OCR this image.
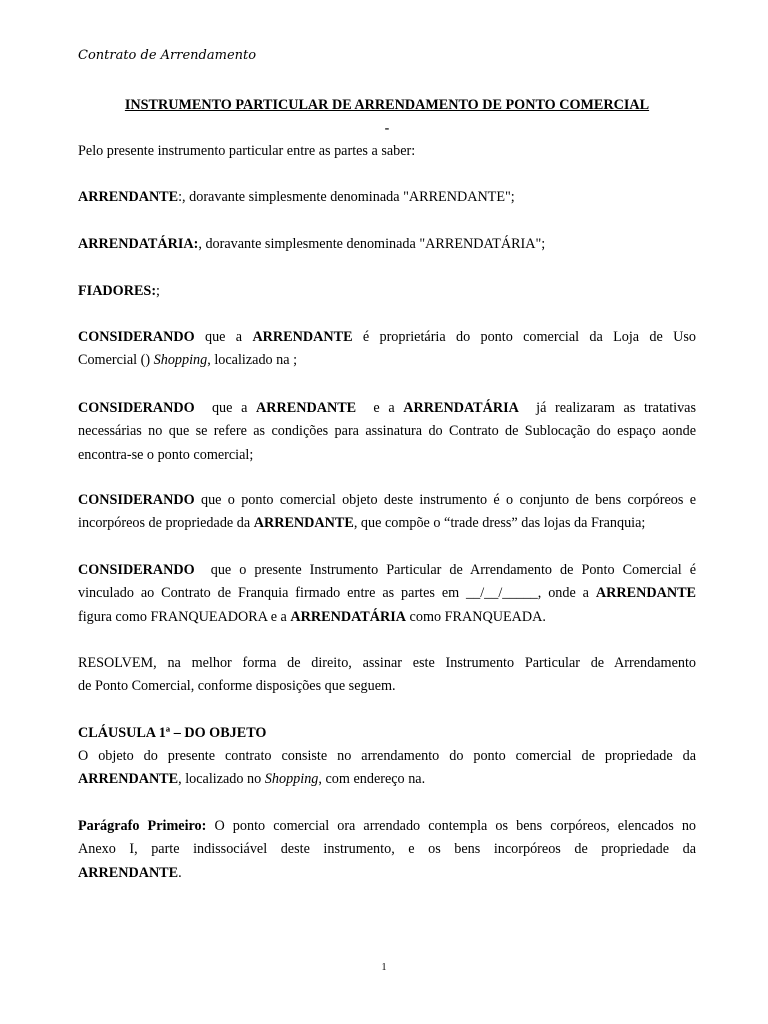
Contrato de Arrendamento
INSTRUMENTO PARTICULAR DE ARRENDAMENTO DE PONTO COMERCIAL
-

Pelo presente instrumento particular entre as partes a saber:

ARRENDANTE:, doravante simplesmente denominada "ARRENDANTE";

ARRENDATÁRIA:, doravante simplesmente denominada "ARRENDATÁRIA";

FIADORES:;

CONSIDERANDO que a ARRENDANTE é proprietária do ponto comercial da Loja de Uso
Comercial () Shopping, localizado na ;
CONSIDERANDO  que a ARRENDANTE  e a ARRENDATÁRIA  já realizaram as tratativas
necessárias no que se refere as condições para assinatura do Contrato de Sublocação do espaço aonde
encontra-se o ponto comercial;
CONSIDERANDO que o ponto comercial objeto deste instrumento é o conjunto de bens corpóreos e
incorpóreos de propriedade da ARRENDANTE, que compõe o “trade dress” das lojas da Franquia;
CONSIDERANDO  que o presente Instrumento Particular de Arrendamento de Ponto Comercial é
vinculado ao Contrato de Franquia firmado entre as partes em __/__/_____, onde a ARRENDANTE
figura como FRANQUEADORA e a ARRENDATÁRIA como FRANQUEADA.
RESOLVEM, na melhor forma de direito, assinar este Instrumento Particular de Arrendamento
de Ponto Comercial, conforme disposições que seguem.
CLÁUSULA 1ª – DO OBJETO
O objeto do presente contrato consiste no arrendamento do ponto comercial de propriedade da
ARRENDANTE, localizado no Shopping, com endereço na.
Parágrafo Primeiro: O ponto comercial ora arrendado contempla os bens corpóreos, elencados no
Anexo I, parte indissociável deste instrumento, e os bens incorpóreos de propriedade da
ARRENDANTE.
1
